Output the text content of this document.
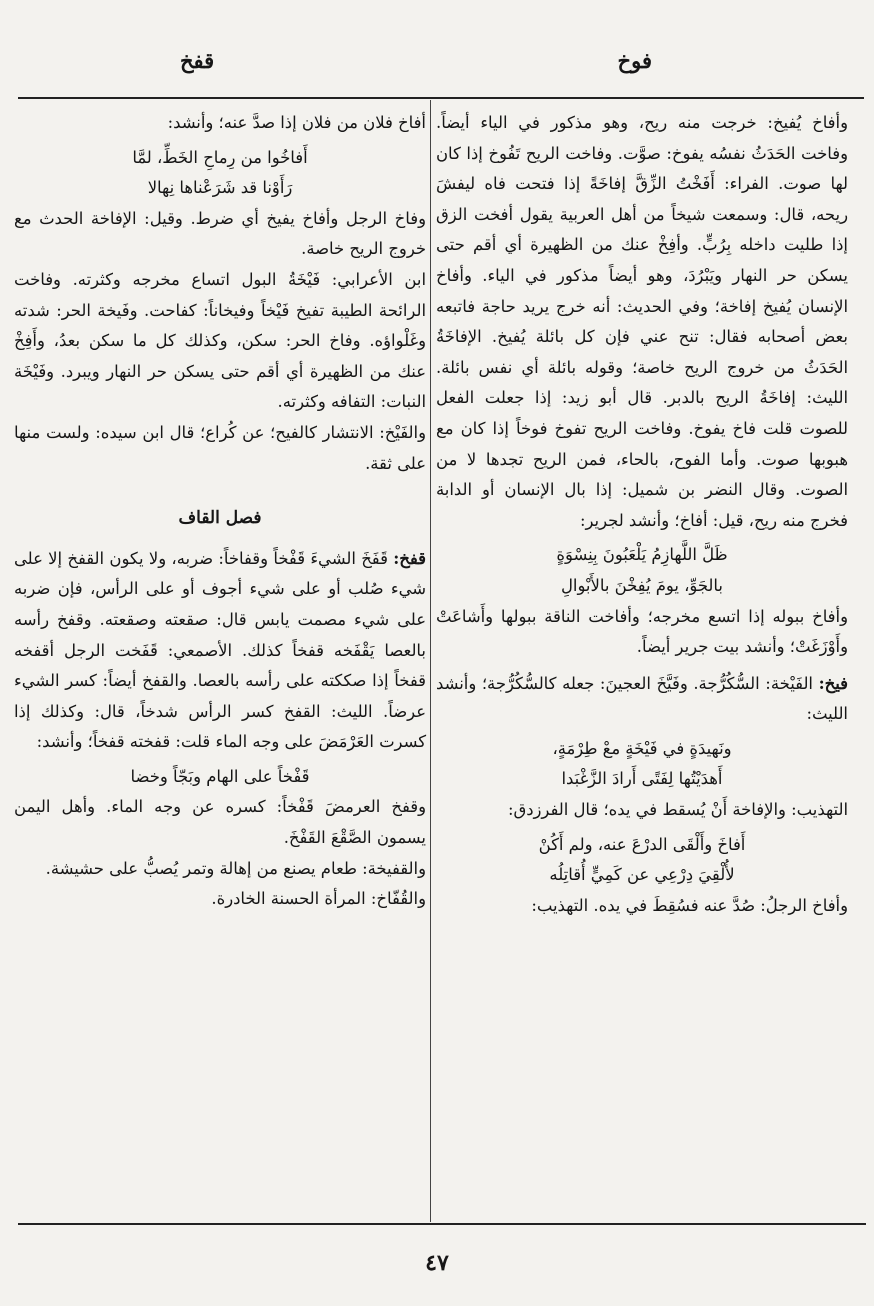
فوخ
قفخ

وأفاخ يُفيخ: خرجت منه ريح، وهو مذكور في الياء أيضاً. وفاخت الحَدَثُ نفسُه يفوخ: صوَّت. وفاخت الريح تَفُوخ إذا كان لها صوت. الفراء: أَفَخْتُ الزِّقَّ إفاخَةً إذا فتحت فاه ليفشَ ريحه، قال: وسمعت شيخاً من أهل العربية يقول أفخت الزق إذا طليت داخله بِرُبٍّ. وأفِخْ عنك من الظهيرة أي أقم حتى يسكن حر النهار ويَبْرُدَ، وهو أيضاً مذكور في الياء. وأفاخ الإنسان يُفيخ إفاخة؛ وفي الحديث: أنه خرج يريد حاجة فاتبعه بعض أصحابه فقال: تنح عني فإن كل بائلة يُفيخ. الإفاخَةُ الحَدَثُ من خروج الريح خاصة؛ وقوله بائلة أي نفس بائلة. الليث: إفاخَةُ الريح بالدبر. قال أبو زيد: إذا جعلت الفعل للصوت قلت فاخ يفوخ. وفاخت الريح تفوخ فوخاً إذا كان مع هبوبها صوت. وأما الفوح، بالحاء، فمن الريح تجدها لا من الصوت. وقال النضر بن شميل: إذا بال الإنسان أو الدابة فخرج منه ريح، قيل: أفاخ؛ وأنشد لجرير:

ظَلَّ اللَّهازِمُ يَلْعَبُونَ بِنِسْوَةٍ
بالجَوِّ، يومَ يُفِخْنَ بالأَبْوالِ

وأفاخ ببوله إذا اتسع مخرجه؛ وأفاخت الناقة ببولها وأَشاعَتْ وأَوْزَغَتْ؛ وأنشد بيت جرير أيضاً.

فيخ: الفَيْخة: السُّكُرُّجة. وفَيَّخَ العجينَ: جعله كالسُّكُرُّجة؛ وأنشد الليث:

ونَهيدَةٍ في فَيْخَةٍ معْ طِرْمَةٍ،
أَهدَيْتُها لِفَتًى أَرادَ الزَّغْبَدا

التهذيب: والإفاخة أَنْ يُسقط في يده؛ قال الفرزدق:

أَفاخَ وأَلْقَى الدرْعَ عنه، ولم أَكُنْ
لأُلْقِيَ دِرْعِي عن كَمِيٍّ أُقاتِلُه

وأفاخ الرجلُ: صُدَّ عنه فسُقِطَ في يده. التهذيب:

أفاخ فلان من فلان إذا صدَّ عنه؛ وأنشد:

أَفاخُوا من رِماحِ الخَطِّ، لمَّا
رَأَوْنا قد شَرَعْناها نِهالا

وفاخ الرجل وأفاخ يفيخ أي ضرط. وقيل: الإفاخة الحدث مع خروج الريح خاصة.

ابن الأعرابي: فَيْخَةُ البول اتساع مخرجه وكثرته. وفاخت الرائحة الطيبة تفيخ فَيْخاً وفيخاناً: كفاحت. وفَيخة الحر: شدته وغَلْواؤه. وفاخ الحر: سكن، وكذلك كل ما سكن بعدُ، وأَفِخْ عنك من الظهيرة أي أقم حتى يسكن حر النهار ويبرد. وفَيْخَة النبات: التفافه وكثرته.

والفَيْخ: الانتشار كالفيح؛ عن كُراع؛ قال ابن سيده: ولست منها على ثقة.

فصل القاف

قفخ: قَفَخَ الشيءَ قَفْخاً وقفاخاً: ضربه، ولا يكون القفخ إلا على شيء صُلب أو على شيء أجوف أو على الرأس، فإن ضربه على شيء مصمت يابس قال: صقعته وصقعته. وقفخ رأسه بالعصا يَقْفَخه قفخاً كذلك. الأصمعي: قَفَخت الرجل أقفخه قفخاً إذا صككته على رأسه بالعصا. والقفخ أيضاً: كسر الشيء عرضاً. الليث: القفخ كسر الرأس شدخاً، قال: وكذلك إذا كسرت العَرْمَضَ على وجه الماء قلت: قفخته قفخاً؛ وأنشد:

قَفْخاً على الهام وبَجّاً وخضا

وقفخ العرمضَ قَفْخاً: كسره عن وجه الماء. وأهل اليمن يسمون الصَّقْعَ القَفْخَ.

والقفيخة: طعام يصنع من إهالة وتمر يُصبُّ على حشيشة.

والقُفّاخ: المرأة الحسنة الخادرة.

٤٧
